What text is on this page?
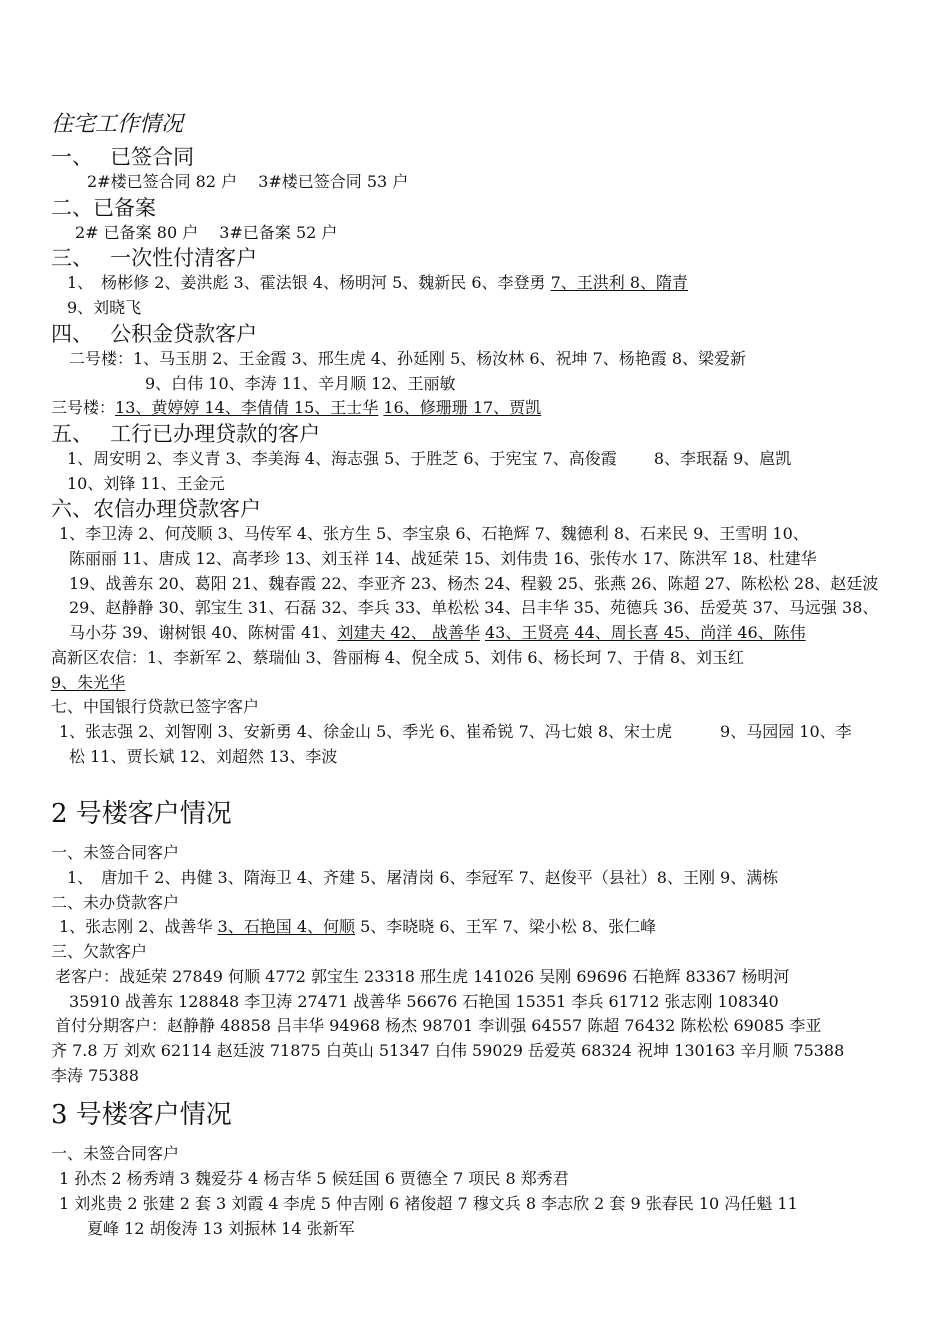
住宅工作情况
一、　 已签合同
2#楼已签合同 82 户　 3#楼已签合同 53 户
二、已备案
2# 已备案 80 户　 3#已备案 52 户
三、　 一次性付清客户
1、　杨彬修 2、姜洪彪 3、霍法银 4、杨明河 5、魏新民 6、李登勇 7、王洪利 8、隋青
9、刘晓飞
四、　 公积金贷款客户
二号楼：1、马玉朋 2、王金霞 3、邢生虎 4、孙延刚 5、杨汝林 6、祝坤 7、杨艳霞 8、梁爱新
9、白伟 10、李涛 11、辛月顺 12、王丽敏
三号楼：13、黄婷婷 14、李倩倩 15、王士华 16、修珊珊 17、贾凯
五、　 工行已办理贷款的客户
1、周安明 2、李义青 3、李美海 4、海志强 5、于胜芝 6、于宪宝 7、高俊霞　　 8、李珉磊 9、扈凯
10、刘锋 11、王金元
六、农信办理贷款客户
1、李卫涛 2、何茂顺 3、马传军 4、张方生 5、李宝泉 6、石艳辉 7、魏德利 8、石来民 9、王雪明 10、
陈丽丽 11、唐成 12、高孝珍 13、刘玉祥 14、战延荣 15、刘伟贵 16、张传水 17、陈洪军 18、杜建华
19、战善东 20、葛阳 21、魏春霞 22、李亚齐 23、杨杰 24、程毅 25、张燕 26、陈超 27、陈松松 28、赵廷波
29、赵静静 30、郭宝生 31、石磊 32、李兵 33、单松松 34、吕丰华 35、苑德兵 36、岳爱英 37、马远强 38、
马小芬 39、谢树银 40、陈树雷 41、刘建夫 42、 战善华 43、王贤亮 44、周长喜 45、尚洋 46、陈伟
高新区农信：1、李新军 2、蔡瑞仙 3、昝丽梅 4、倪全成 5、刘伟 6、杨长珂 7、于倩 8、刘玉红
9、朱光华
七、中国银行贷款已签字客户
1、张志强 2、刘智刚 3、安新勇 4、徐金山 5、季光 6、崔希锐 7、冯七娘 8、宋士虎　　　9、马园园 10、李
松 11、贾长斌 12、刘超然 13、李波
2 号楼客户情况
一、未签合同客户
1、　唐加千 2、冉健 3、隋海卫 4、齐建 5、屠清岗 6、李冠军 7、赵俊平（县社）8、王刚 9、满栋
二、未办贷款客户
1、张志刚 2、战善华 3、石艳国 4、何顺 5、李晓晓 6、王军 7、梁小松 8、张仁峰
三、欠款客户
老客户：战延荣 27849 何顺 4772 郭宝生 23318 邢生虎 141026 吴刚 69696 石艳辉 83367 杨明河
35910 战善东 128848 李卫涛 27471 战善华 56676 石艳国 15351 李兵 61712 张志刚 108340
首付分期客户：赵静静 48858 吕丰华 94968 杨杰 98701 李训强 64557 陈超 76432 陈松松 69085 李亚
齐 7.8 万 刘欢 62114 赵廷波 71875 白英山 51347 白伟 59029 岳爱英 68324 祝坤 130163 辛月顺 75388
李涛 75388
3 号楼客户情况
一、未签合同客户
1 孙杰 2 杨秀靖 3 魏爱芬 4 杨吉华 5 候廷国 6 贾德全 7 项民 8 郑秀君
1 刘兆贵 2 张建 2 套 3 刘霞 4 李虎 5 仲吉刚 6 褚俊超 7 穆文兵 8 李志欣 2 套 9 张春民 10 冯任魁 11
夏峰 12 胡俊涛 13 刘振林 14 张新军
